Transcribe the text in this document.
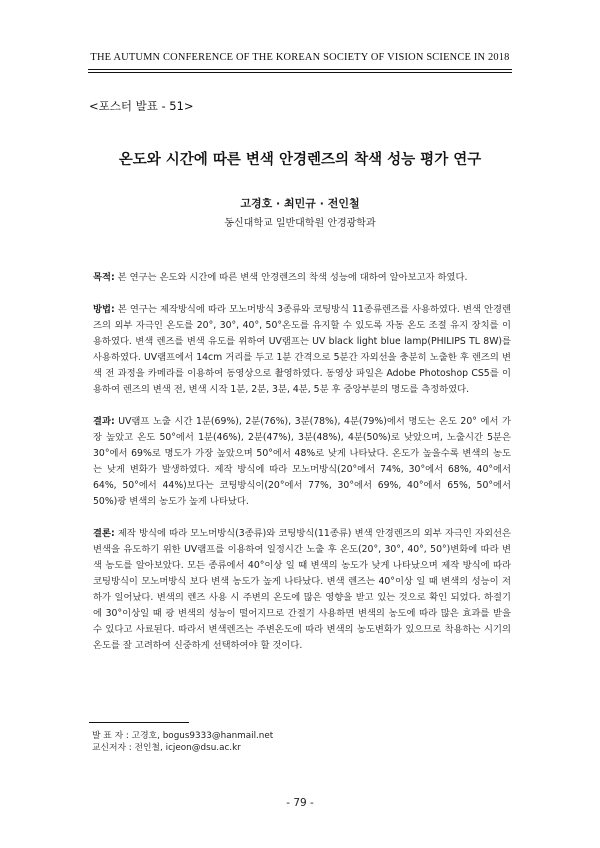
THE AUTUMN CONFERENCE OF THE KOREAN SOCIETY OF VISION SCIENCE IN 2018
<포스터 발표 - 51>
온도와 시간에 따른 변색 안경렌즈의 착색 성능 평가 연구
고경호 · 최민규 · 전인철
동신대학교 일반대학원 안경광학과

목적: 본 연구는 온도와 시간에 따른 변색 안경렌즈의 착색 성능에 대하여 알아보고자 하였다.

방법: 본 연구는 제작방식에 따라 모노머방식 3종류와 코팅방식 11종류렌즈를 사용하였다. 변색 안경렌즈의 외부 자극인 온도를 20°, 30°, 40°, 50°온도를 유지할 수 있도록 자동 온도 조절 유지 장치를 이용하였다. 변색 렌즈를 변색 유도를 위하여 UV램프는 UV black light blue lamp(PHILIPS TL 8W)를 사용하였다. UV램프에서 14cm 거리를 두고 1분 간격으로 5분간 자외선을 충분히 노출한 후 렌즈의 변색 전 과정을 카메라를 이용하여 동영상으로 촬영하였다. 동영상 파일은 Adobe Photoshop CS5를 이용하여 렌즈의 변색 전, 변색 시작 1분, 2분, 3분, 4분, 5분 후 중앙부분의 명도를 측정하였다.

결과: UV램프 노출 시간 1분(69%), 2분(76%), 3분(78%), 4분(79%)에서 명도는 온도 20° 에서 가장 높았고 온도 50°에서 1분(46%), 2분(47%), 3분(48%), 4분(50%)로 낮았으며, 노출시간 5분은 30°에서 69%로 명도가 가장 높았으며 50°에서 48%로 낮게 나타났다. 온도가 높을수록 변색의 농도는 낮게 변화가 발생하였다. 제작 방식에 따라 모노머방식(20°에서 74%, 30°에서 68%, 40°에서 64%, 50°에서 44%)보다는 코팅방식이(20°에서 77%, 30°에서 69%, 40°에서 65%, 50°에서 50%)광 변색의 농도가 높게 나타났다.

결론: 제작 방식에 따라 모노머방식(3종류)와 코팅방식(11종류) 변색 안경렌즈의 외부 자극인 자외선은 변색을 유도하기 위한 UV램프를 이용하여 일정시간 노출 후 온도(20°, 30°, 40°, 50°)변화에 따라 변색 농도를 알아보았다. 모든 종류에서 40°이상 일 때 변색의 농도가 낮게 나타났으며 제작 방식에 따라 코팅방식이 모노머방식 보다 변색 농도가 높게 나타났다. 변색 렌즈는 40°이상 일 때 변색의 성능이 저하가 일어났다. 변색의 렌즈 사용 시 주변의 온도에 많은 영향을 받고 있는 것으로 확인 되었다. 하절기에 30°이상일 때 광 변색의 성능이 떨어지므로 간절기 사용하면 변색의 농도에 따라 많은 효과를 받을 수 있다고 사료된다. 따라서 변색렌즈는 주변온도에 따라 변색의 농도변화가 있으므로 착용하는 시기의 온도를 잘 고려하여 신중하게 선택하여야 할 것이다.

발 표 자 : 고경호, bogus9333@hanmail.net
교신저자 : 전인철, icjeon@dsu.ac.kr
- 79 -
